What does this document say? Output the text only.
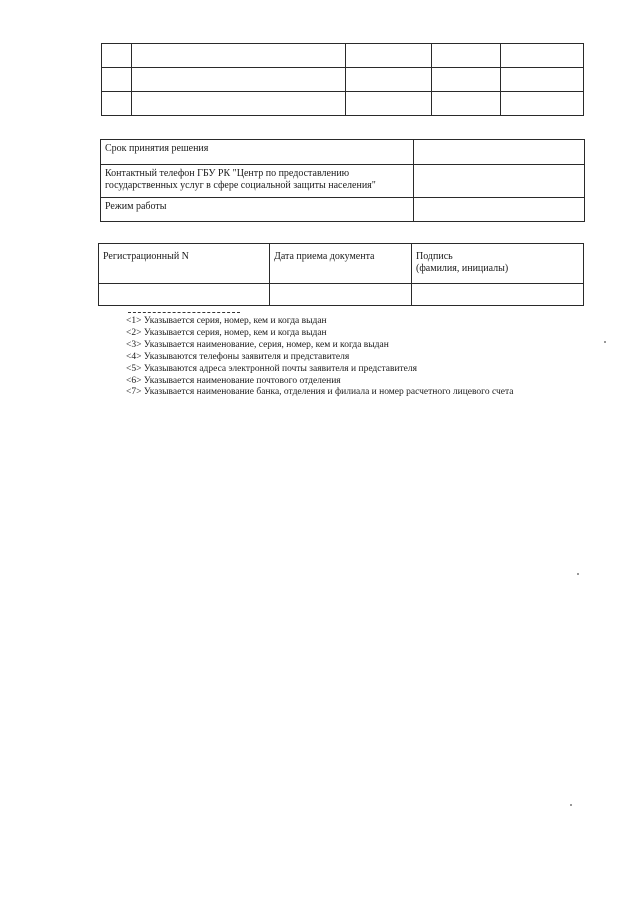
Срок принятия решения	

Контактный телефон ГБУ РК "Центр по предоставлению
государственных услуг в сфере социальной защиты населения"	

Режим работы	
Регистрационный N	Дата приема документа	Подпись
(фамилия, инициалы)

<1> Указывается серия, номер, кем и когда выдан
<2> Указывается серия, номер, кем и когда выдан
<3> Указывается наименование, серия, номер, кем и когда выдан
<4> Указываются телефоны заявителя и представителя
<5> Указываются адреса электронной почты заявителя и представителя
<6> Указывается наименование почтового отделения
<7> Указывается наименование банка, отделения и филиала и номер расчетного лицевого счета
